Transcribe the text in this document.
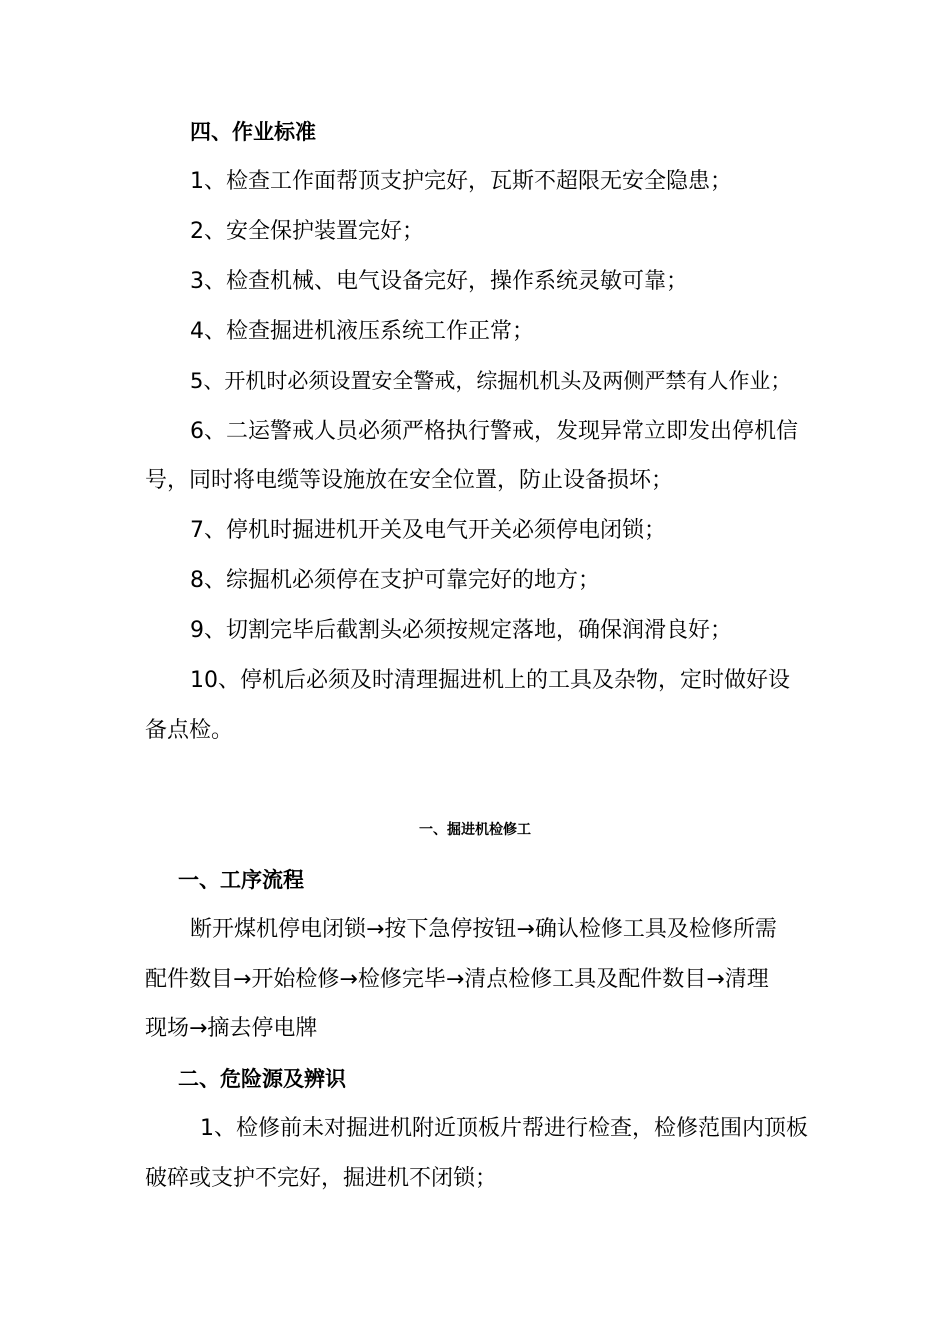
四、作业标准
1、检查工作面帮顶支护完好，瓦斯不超限无安全隐患；
2、安全保护装置完好；
3、检查机械、电气设备完好，操作系统灵敏可靠；
4、检查掘进机液压系统工作正常；
5、开机时必须设置安全警戒，综掘机机头及两侧严禁有人作业；
6、二运警戒人员必须严格执行警戒，发现异常立即发出停机信
号，同时将电缆等设施放在安全位置，防止设备损坏；
7、停机时掘进机开关及电气开关必须停电闭锁；
8、综掘机必须停在支护可靠完好的地方；
9、切割完毕后截割头必须按规定落地，确保润滑良好；
10、停机后必须及时清理掘进机上的工具及杂物，定时做好设
备点检。
一、掘进机检修工
一、工序流程
断开煤机停电闭锁→按下急停按钮→确认检修工具及检修所需
配件数目→开始检修→检修完毕→清点检修工具及配件数目→清理
现场→摘去停电牌
二、危险源及辨识
1、检修前未对掘进机附近顶板片帮进行检查，检修范围内顶板
破碎或支护不完好，掘进机不闭锁；
